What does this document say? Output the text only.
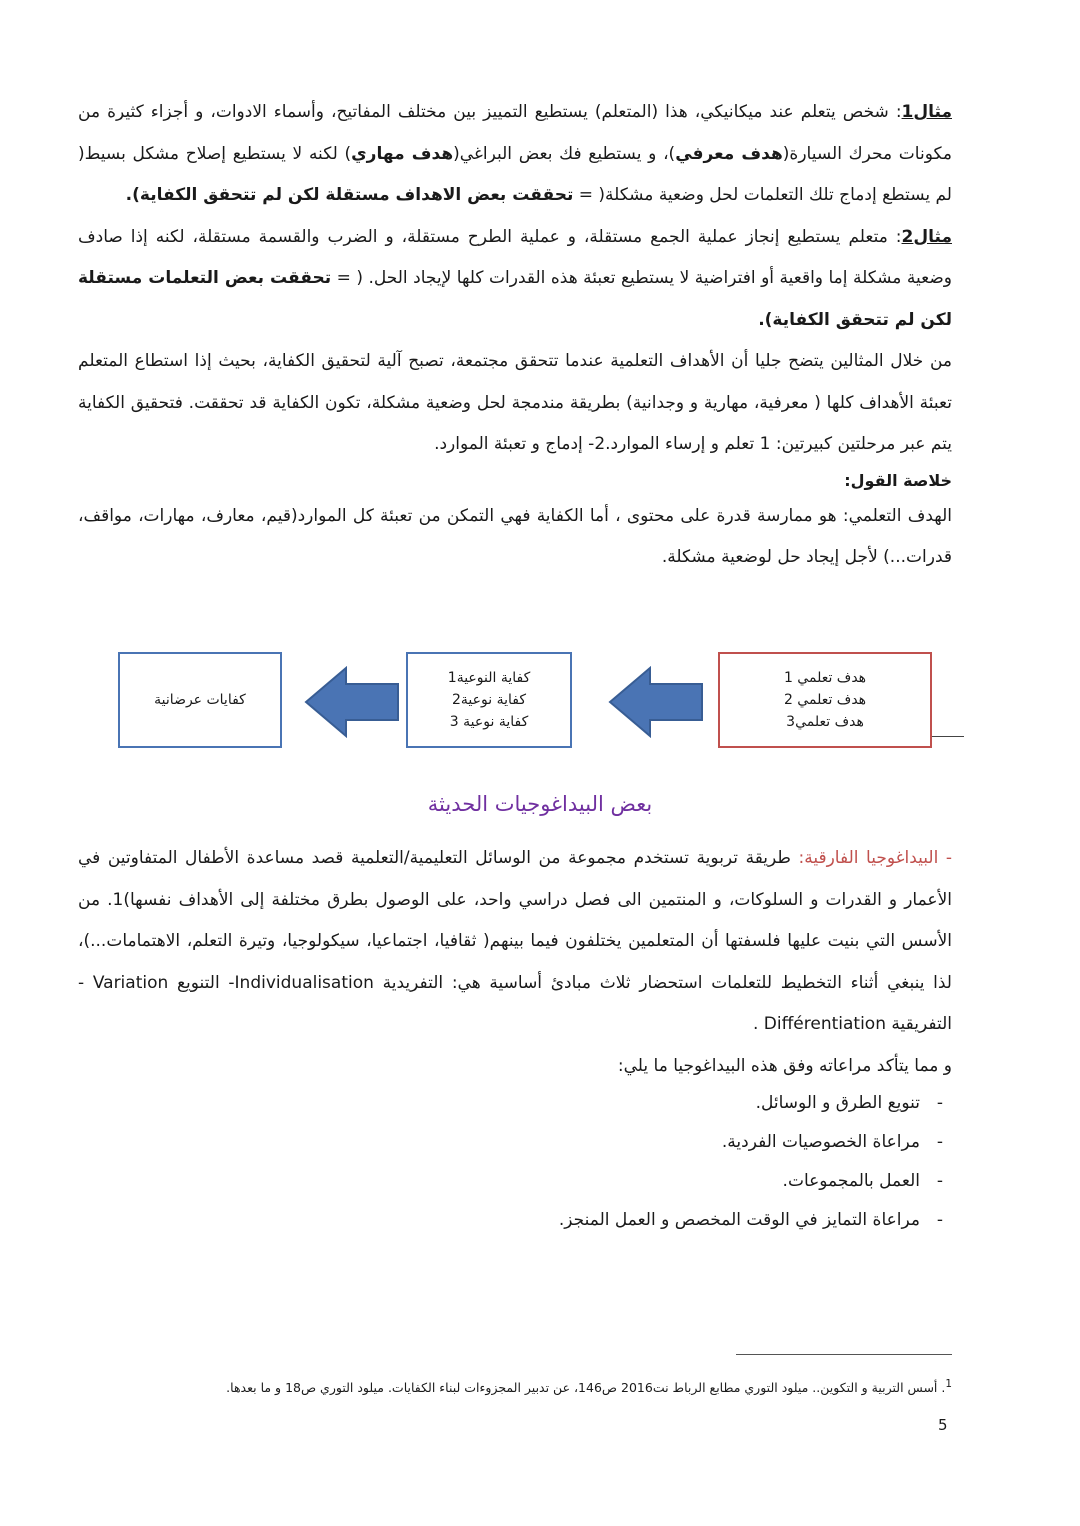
مثال1: شخص يتعلم عند ميكانيكي، هذا (المتعلم) يستطيع التمييز بين مختلف المفاتيح، وأسماء الادوات، و أجزاء كثيرة من مكونات محرك السيارة(هدف معرفي)، و يستطيع فك بعض البراغي(هدف مهاري) لكنه لا يستطيع إصلاح مشكل بسيط( لم يستطع إدماج تلك التعلمات لحل وضعية مشكلة( = تحققت بعض الاهداف مستقلة لكن لم تتحقق الكفاية).

مثال2: متعلم يستطيع إنجاز عملية الجمع مستقلة، و عملية الطرح مستقلة، و الضرب والقسمة مستقلة، لكنه إذا صادف وضعية مشكلة إما واقعية أو افتراضية لا يستطيع تعبئة هذه القدرات كلها لإيجاد الحل. ( = تحققت بعض التعلمات مستقلة لكن لم تتحقق الكفاية).

من خلال المثالين يتضح جليا أن الأهداف التعلمية عندما تتحقق مجتمعة، تصبح آلية لتحقيق الكفاية، بحيث إذا استطاع المتعلم تعبئة الأهداف كلها ( معرفية، مهارية و وجدانية) بطريقة مندمجة لحل وضعية مشكلة، تكون الكفاية قد تحققت. فتحقيق الكفاية يتم عبر مرحلتين كبيرتين: 1 تعلم و إرساء الموارد.2- إدماج و تعبئة الموارد.

خلاصة القول:

الهدف التعلمي: هو ممارسة قدرة على محتوى ، أما الكفاية فهي التمكن من تعبئة كل الموارد(قيم، معارف، مهارات، مواقف، قدرات...) لأجل إيجاد حل لوضعية مشكلة.

كفايات عرضانية
كفاية النوعية1
كفاية نوعية2
كفاية نوعية 3
هدف تعلمي 1
هدف تعلمي 2
هدف تعلمي3
بعض البيداغوجيات الحديثة

- البيداغوجيا الفارقية: طريقة تربوية تستخدم مجموعة من الوسائل التعليمية/التعلمية قصد مساعدة الأطفال المتفاوتين في الأعمار و القدرات و السلوكات، و المنتمين الى فصل دراسي واحد، على الوصول بطرق مختلفة إلى الأهداف نفسها)1. من الأسس التي بنيت عليها فلسفتها أن المتعلمين يختلفون فيما بينهم( ثقافيا، اجتماعيا، سيكولوجيا، وتيرة التعلم، الاهتمامات...)، لذا ينبغي أثناء التخطيط للتعلمات استحضار ثلاث مبادئ أساسية هي: التفريدية Individualisation- التنويع Variation - التفريقية Différentiation .

و مما يتأكد مراعاته وفق هذه البيداغوجيا ما يلي:

-
تنويع الطرق و الوسائل.
-
مراعاة الخصوصيات الفردية.
-
العمل بالمجموعات.
-
مراعاة التمايز في الوقت المخصص و العمل المنجز.
$^1$. أسس التربية و التكوين.. ميلود التوري مطابع الرباط نت2016 ص146، عن تدبير المجزوءات لبناء الكفايات. ميلود التوري ص18 و ما بعدها.
5
